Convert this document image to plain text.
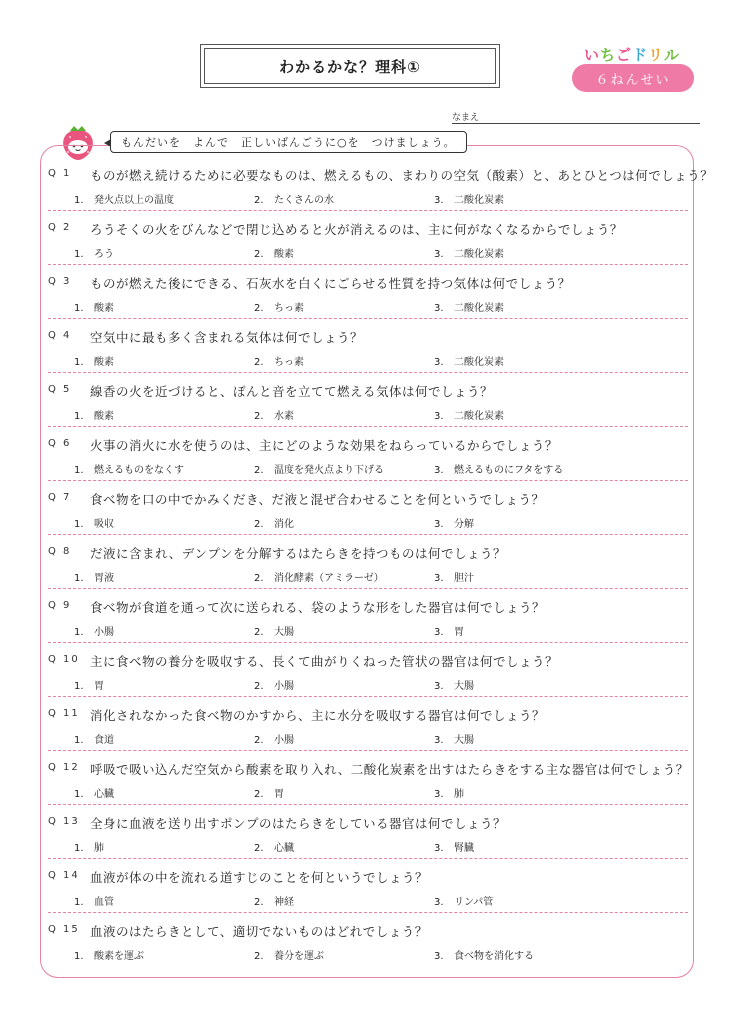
わかるかな？理科①
いちごドリル
６ねんせい
なまえ
もんだいを　よんで　正しいばんごうに○を　つけましょう。
Q 1	ものが燃え続けるために必要なものは、燃えるもの、まわりの空気（酸素）と、あとひとつは何でしょう？
1. 発火点以上の温度	2. たくさんの水	3. 二酸化炭素
Q 2	ろうそくの火をびんなどで閉じ込めると火が消えるのは、主に何がなくなるからでしょう？
1. ろう	2. 酸素	3. 二酸化炭素
Q 3	ものが燃えた後にできる、石灰水を白くにごらせる性質を持つ気体は何でしょう？
1. 酸素	2. ちっ素	3. 二酸化炭素
Q 4	空気中に最も多く含まれる気体は何でしょう？
1. 酸素	2. ちっ素	3. 二酸化炭素
Q 5	線香の火を近づけると、ぽんと音を立てて燃える気体は何でしょう？
1. 酸素	2. 水素	3. 二酸化炭素
Q 6	火事の消火に水を使うのは、主にどのような効果をねらっているからでしょう？
1. 燃えるものをなくす	2. 温度を発火点より下げる	3. 燃えるものにフタをする
Q 7	食べ物を口の中でかみくだき、だ液と混ぜ合わせることを何というでしょう？
1. 吸収	2. 消化	3. 分解
Q 8	だ液に含まれ、デンプンを分解するはたらきを持つものは何でしょう？
1. 胃液	2. 消化酵素（アミラーゼ）	3. 胆汁
Q 9	食べ物が食道を通って次に送られる、袋のような形をした器官は何でしょう？
1. 小腸	2. 大腸	3. 胃
Q 10 主に食べ物の養分を吸収する、長くて曲がりくねった管状の器官は何でしょう？
1. 胃	2. 小腸	3. 大腸
Q 11 消化されなかった食べ物のかすから、主に水分を吸収する器官は何でしょう？
1. 食道	2. 小腸	3. 大腸
Q 12 呼吸で吸い込んだ空気から酸素を取り入れ、二酸化炭素を出すはたらきをする主な器官は何でしょう？
1. 心臓	2. 胃	3. 肺
Q 13 全身に血液を送り出すポンプのはたらきをしている器官は何でしょう？
1. 肺	2. 心臓	3. 腎臓
Q 14 血液が体の中を流れる道すじのことを何というでしょう？
1. 血管	2. 神経	3. リンパ管
Q 15 血液のはたらきとして、適切でないものはどれでしょう？
1. 酸素を運ぶ	2. 養分を運ぶ	3. 食べ物を消化する
